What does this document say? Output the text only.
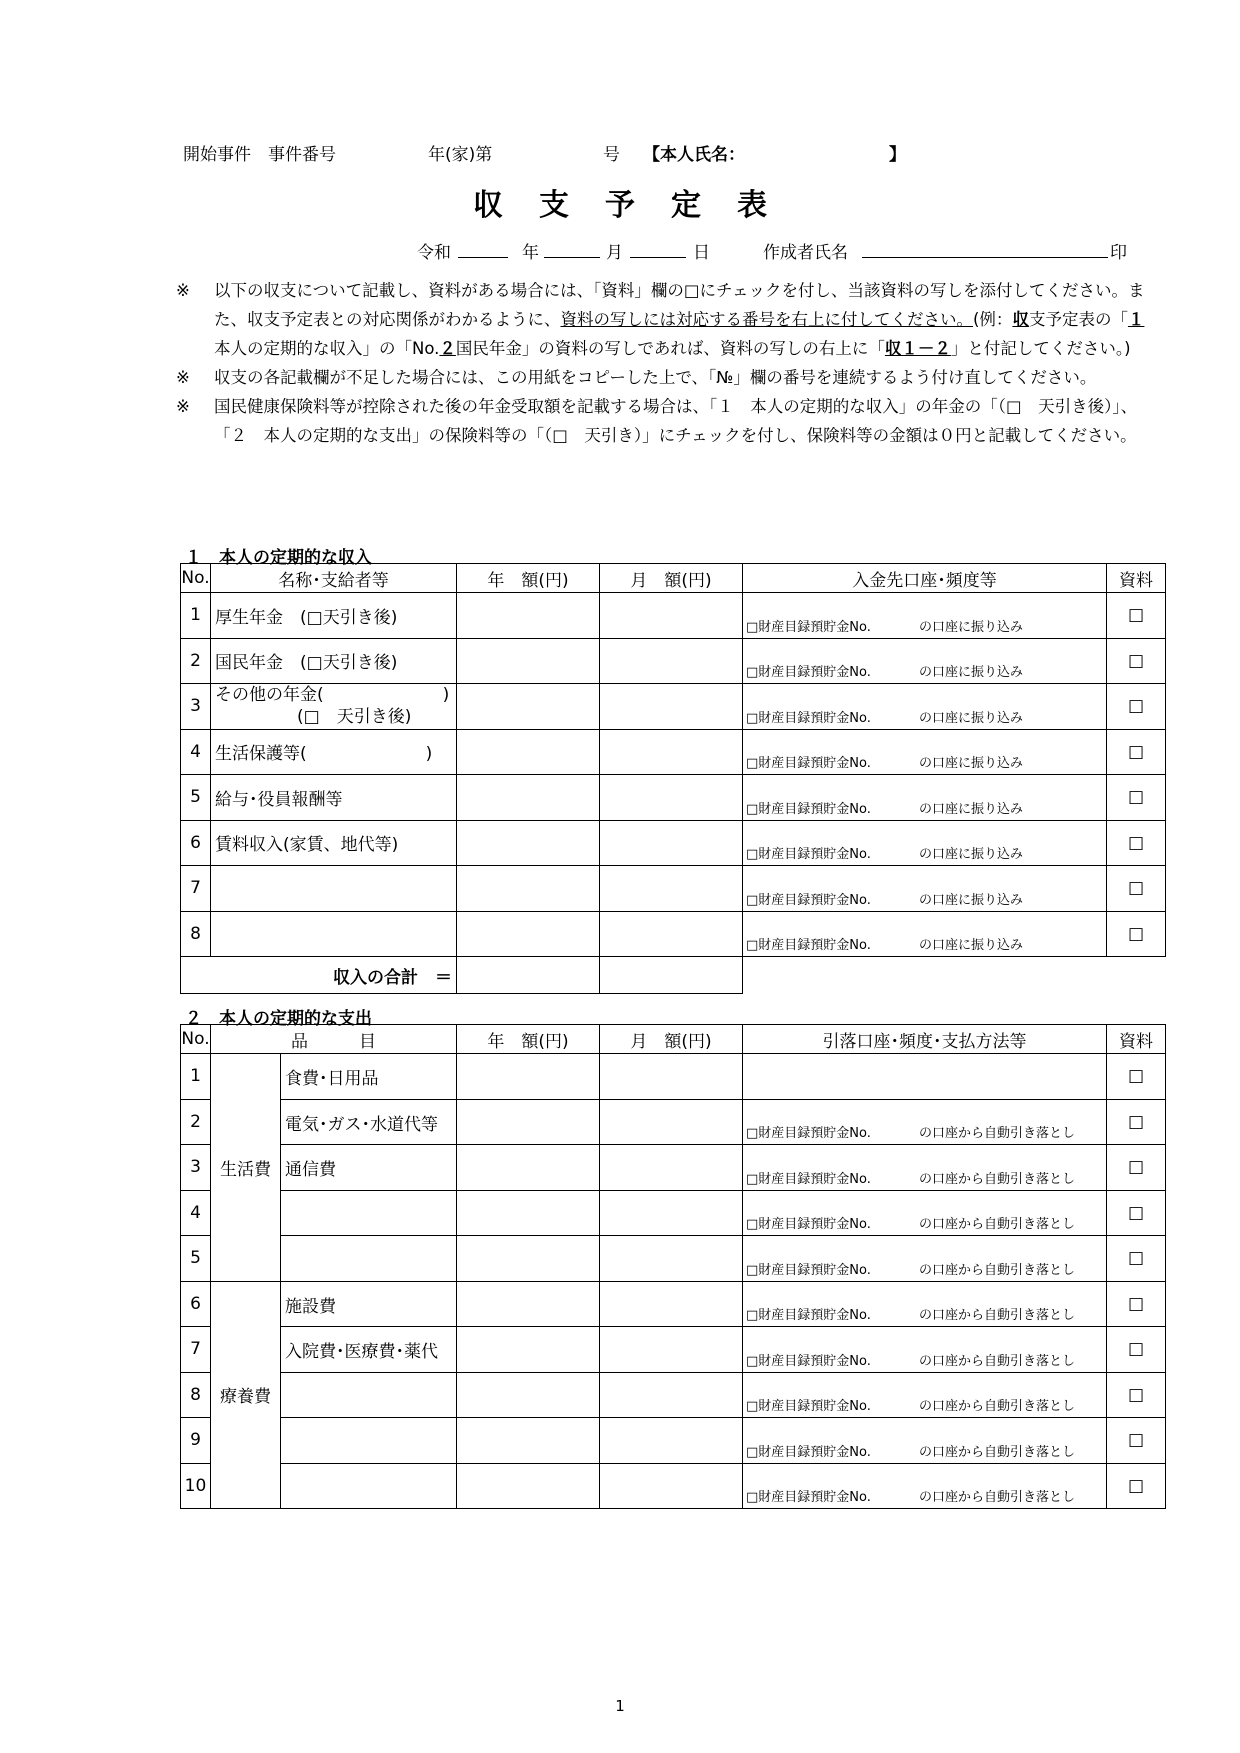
開始事件　事件番号	年(家)第	号 【本人氏名：	】
収支予定表
令和	年	月	日	作成者氏名	印
※	以下の収支について記載し、資料がある場合には、「資料」欄の□にチェックを付し、当該資料の写しを添付してください。また、収支予定表との対応関係がわかるように、資料の写しには対応する番号を右上に付してください。(例：収支予定表の「１本人の定期的な収入」の「No.２国民年金」の資料の写しであれば、資料の写しの右上に「収１－２」と付記してください。)
※	収支の各記載欄が不足した場合には、この用紙をコピーした上で、「№」欄の番号を連続するよう付け直してください。
※	国民健康保険料等が控除された後の年金受取額を記載する場合は、「１　本人の定期的な収入」の年金の「（□　天引き後）」、「２　本人の定期的な支出」の保険料等の「（□　天引き）」にチェックを付し、保険料等の金額は０円と記載してください。
１　本人の定期的な収入
No.	名称･支給者等	年　額(円)	月　額(円)	入金先口座･頻度等	資料
1	厚生年金　(□天引き後)			□財産目録預貯金No. の口座に振り込み	□
2	国民年金　(□天引き後)			□財産目録預貯金No. の口座に振り込み	□
3	その他の年金(　　　　　　　)
(□　天引き後)			□財産目録預貯金No. の口座に振り込み	□
4	生活保護等(　　　　　　　)			□財産目録預貯金No. の口座に振り込み	□
5	給与･役員報酬等			□財産目録預貯金No. の口座に振り込み	□
6	賃料収入(家賃、地代等)			□財産目録預貯金No. の口座に振り込み	□
7				□財産目録預貯金No. の口座に振り込み	□
8				□財産目録預貯金No. の口座に振り込み	□
収入の合計　＝					
２　本人の定期的な支出
No.	品　　　目		年　額(円)	月　額(円)	引落口座･頻度･支払方法等	資料
1	生活費	食費･日用品				□
2		電気･ガス･水道代等			□財産目録預貯金No. の口座から自動引き落とし	□
3		通信費			□財産目録預貯金No. の口座から自動引き落とし	□
4					□財産目録預貯金No. の口座から自動引き落とし	□
5					□財産目録預貯金No. の口座から自動引き落とし	□
6	療養費	施設費			□財産目録預貯金No. の口座から自動引き落とし	□
7		入院費･医療費･薬代			□財産目録預貯金No. の口座から自動引き落とし	□
8					□財産目録預貯金No. の口座から自動引き落とし	□
9					□財産目録預貯金No. の口座から自動引き落とし	□
10					□財産目録預貯金No. の口座から自動引き落とし	□
1
